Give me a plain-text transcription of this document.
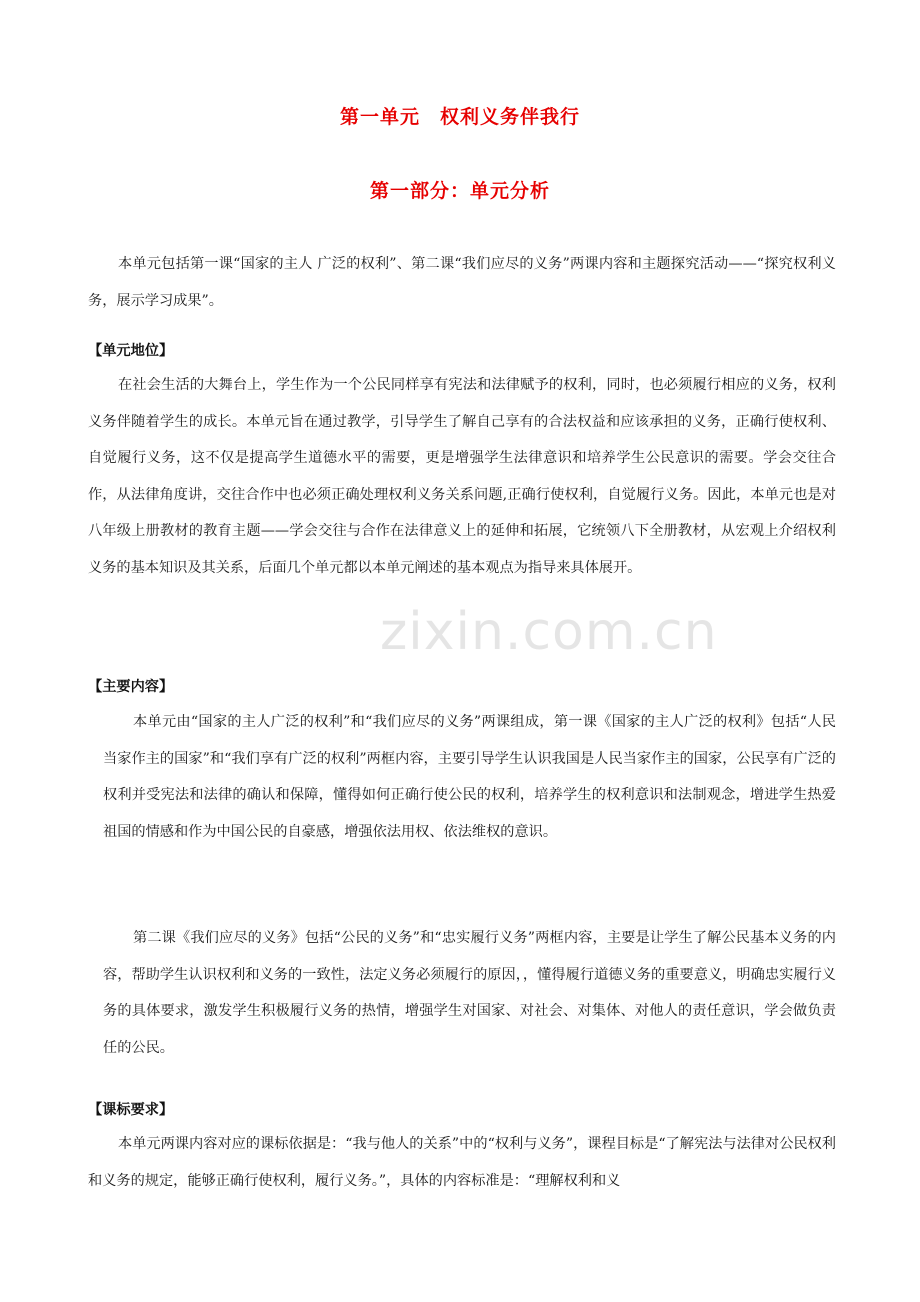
第一单元　权利义务伴我行
第一部分：单元分析

本单元包括第一课“国家的主人 广泛的权利”、第二课“我们应尽的义务”两课内容和主题探究活动——“探究权利义务，展示学习成果”。

【单元地位】

在社会生活的大舞台上，学生作为一个公民同样享有宪法和法律赋予的权利，同时，也必须履行相应的义务，权利义务伴随着学生的成长。本单元旨在通过教学，引导学生了解自己享有的合法权益和应该承担的义务，正确行使权利、自觉履行义务，这不仅是提高学生道德水平的需要，更是增强学生法律意识和培养学生公民意识的需要。学会交往合作，从法律角度讲，交往合作中也必须正确处理权利义务关系问题,正确行使权利，自觉履行义务。因此，本单元也是对八年级上册教材的教育主题——学会交往与合作在法律意义上的延伸和拓展，它统领八下全册教材，从宏观上介绍权利义务的基本知识及其关系，后面几个单元都以本单元阐述的基本观点为指导来具体展开。

【主要内容】

本单元由“国家的主人广泛的权利”和“我们应尽的义务”两课组成，第一课《国家的主人广泛的权利》包括“人民当家作主的国家”和“我们享有广泛的权利”两框内容，主要引导学生认识我国是人民当家作主的国家，公民享有广泛的权利并受宪法和法律的确认和保障，懂得如何正确行使公民的权利，培养学生的权利意识和法制观念，增进学生热爱祖国的情感和作为中国公民的自豪感，增强依法用权、依法维权的意识。

第二课《我们应尽的义务》包括“公民的义务”和“忠实履行义务”两框内容，主要是让学生了解公民基本义务的内容，帮助学生认识权利和义务的一致性，法定义务必须履行的原因，，懂得履行道德义务的重要意义，明确忠实履行义务的具体要求，激发学生积极履行义务的热情，增强学生对国家、对社会、对集体、对他人的责任意识，学会做负责任的公民。

【课标要求】

本单元两课内容对应的课标依据是：“我与他人的关系”中的“权利与义务”，课程目标是“了解宪法与法律对公民权利和义务的规定，能够正确行使权利，履行义务。”，具体的内容标准是：“理解权利和义

zixin.com.cn
